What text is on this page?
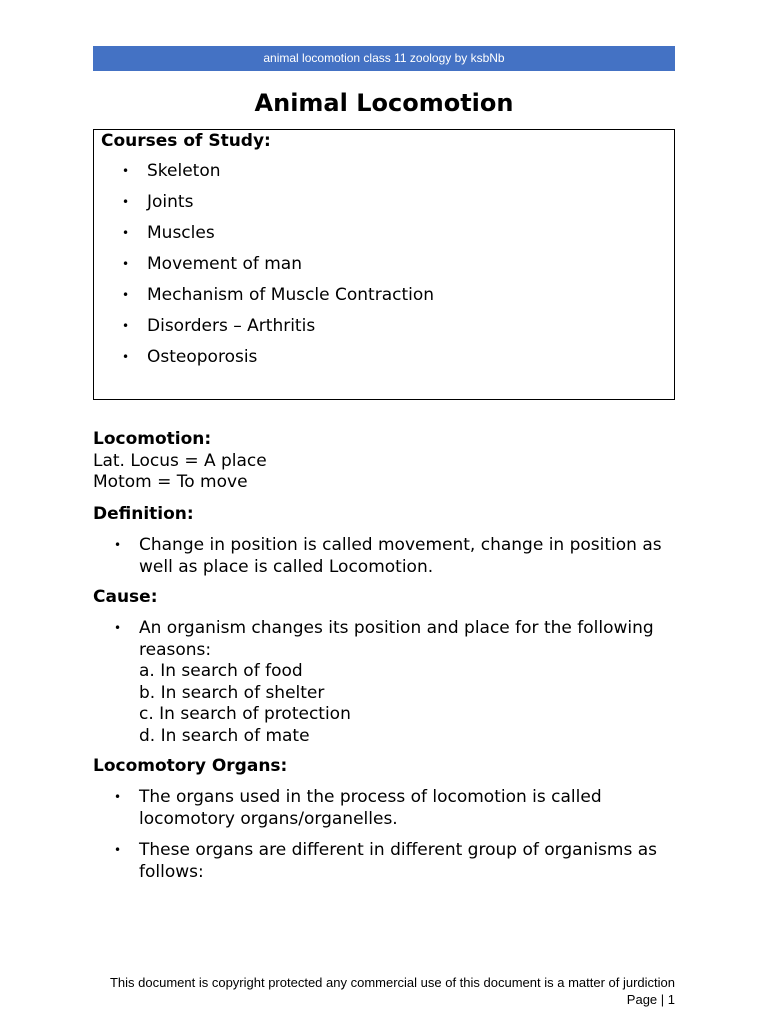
animal locomotion class 11 zoology by ksbNb
Animal Locomotion
Courses of Study:
• Skeleton
• Joints
• Muscles
• Movement of man
• Mechanism of Muscle Contraction
• Disorders – Arthritis
• Osteoporosis
Locomotion:
Lat. Locus = A place
Motom = To move
Definition:
• Change in position is called movement, change in position as well as place is called Locomotion.
Cause:
• An organism changes its position and place for the following reasons:
a. In search of food
b. In search of shelter
c. In search of protection
d. In search of mate
Locomotory Organs:
• The organs used in the process of locomotion is called locomotory organs/organelles.
• These organs are different in different group of organisms as follows:
This document is copyright protected any commercial use of this document is a matter of jurdiction
Page | 1
